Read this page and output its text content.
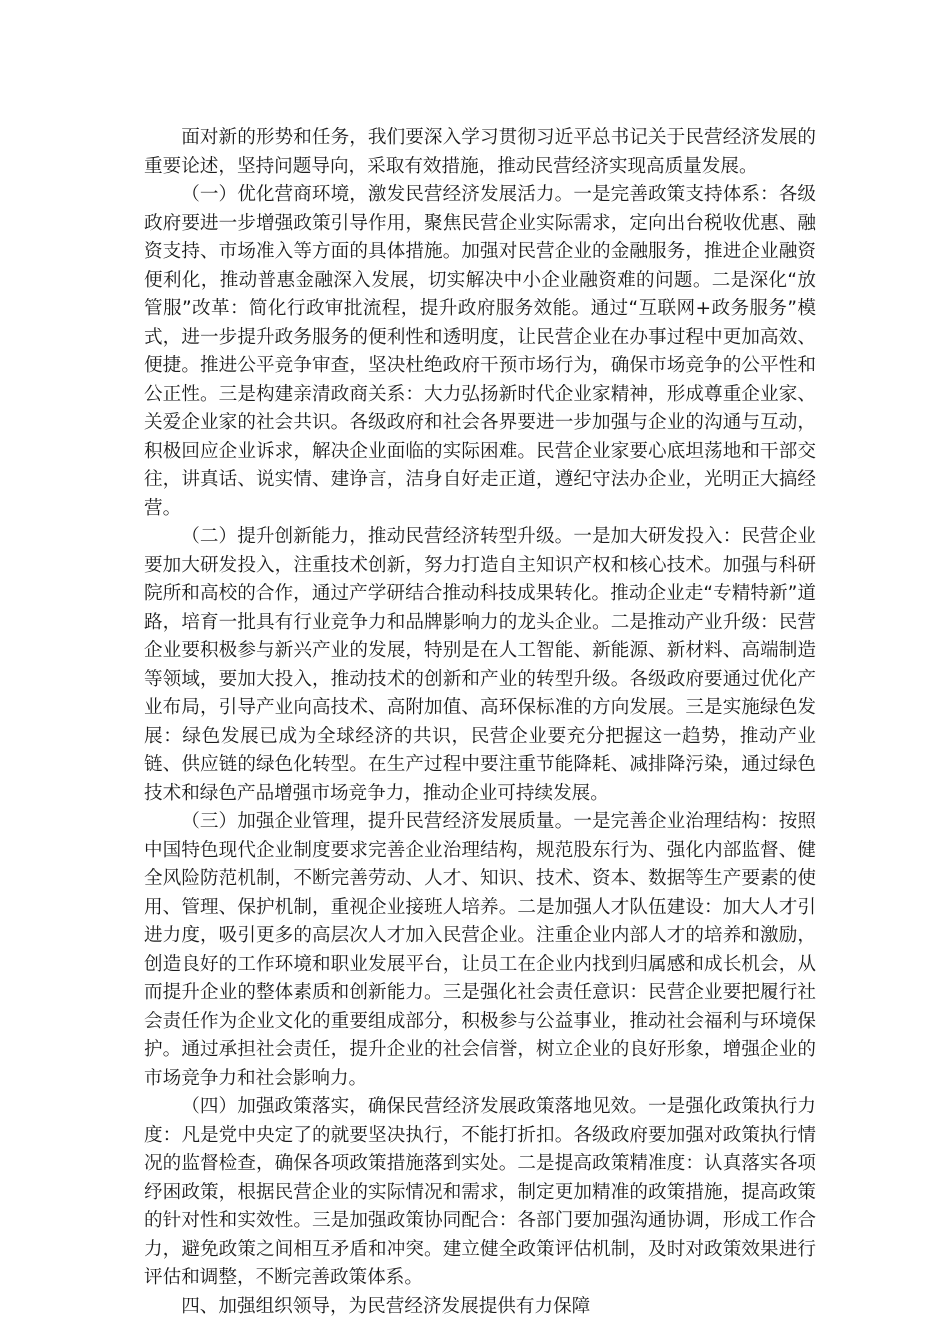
面对新的形势和任务，我们要深入学习贯彻习近平总书记关于民营经济发展的重要论述，坚持问题导向，采取有效措施，推动民营经济实现高质量发展。

（一）优化营商环境，激发民营经济发展活力。一是完善政策支持体系：各级政府要进一步增强政策引导作用，聚焦民营企业实际需求，定向出台税收优惠、融资支持、市场准入等方面的具体措施。加强对民营企业的金融服务，推进企业融资便利化，推动普惠金融深入发展，切实解决中小企业融资难的问题。二是深化“放管服”改革：简化行政审批流程，提升政府服务效能。通过“互联网+政务服务”模式，进一步提升政务服务的便利性和透明度，让民营企业在办事过程中更加高效、便捷。推进公平竞争审查，坚决杜绝政府干预市场行为，确保市场竞争的公平性和公正性。三是构建亲清政商关系：大力弘扬新时代企业家精神，形成尊重企业家、关爱企业家的社会共识。各级政府和社会各界要进一步加强与企业的沟通与互动，积极回应企业诉求，解决企业面临的实际困难。民营企业家要心底坦荡地和干部交往，讲真话、说实情、建诤言，洁身自好走正道，遵纪守法办企业，光明正大搞经营。

（二）提升创新能力，推动民营经济转型升级。一是加大研发投入：民营企业要加大研发投入，注重技术创新，努力打造自主知识产权和核心技术。加强与科研院所和高校的合作，通过产学研结合推动科技成果转化。推动企业走“专精特新”道路，培育一批具有行业竞争力和品牌影响力的龙头企业。二是推动产业升级：民营企业要积极参与新兴产业的发展，特别是在人工智能、新能源、新材料、高端制造等领域，要加大投入，推动技术的创新和产业的转型升级。各级政府要通过优化产业布局，引导产业向高技术、高附加值、高环保标准的方向发展。三是实施绿色发展：绿色发展已成为全球经济的共识，民营企业要充分把握这一趋势，推动产业链、供应链的绿色化转型。在生产过程中要注重节能降耗、减排降污染，通过绿色技术和绿色产品增强市场竞争力，推动企业可持续发展。

（三）加强企业管理，提升民营经济发展质量。一是完善企业治理结构：按照中国特色现代企业制度要求完善企业治理结构，规范股东行为、强化内部监督、健全风险防范机制，不断完善劳动、人才、知识、技术、资本、数据等生产要素的使用、管理、保护机制，重视企业接班人培养。二是加强人才队伍建设：加大人才引进力度，吸引更多的高层次人才加入民营企业。注重企业内部人才的培养和激励，创造良好的工作环境和职业发展平台，让员工在企业内找到归属感和成长机会，从而提升企业的整体素质和创新能力。三是强化社会责任意识：民营企业要把履行社会责任作为企业文化的重要组成部分，积极参与公益事业，推动社会福利与环境保护。通过承担社会责任，提升企业的社会信誉，树立企业的良好形象，增强企业的市场竞争力和社会影响力。

（四）加强政策落实，确保民营经济发展政策落地见效。一是强化政策执行力度：凡是党中央定了的就要坚决执行，不能打折扣。各级政府要加强对政策执行情况的监督检查，确保各项政策措施落到实处。二是提高政策精准度：认真落实各项纾困政策，根据民营企业的实际情况和需求，制定更加精准的政策措施，提高政策的针对性和实效性。三是加强政策协同配合：各部门要加强沟通协调，形成工作合力，避免政策之间相互矛盾和冲突。建立健全政策评估机制，及时对政策效果进行评估和调整，不断完善政策体系。

四、加强组织领导，为民营经济发展提供有力保障
